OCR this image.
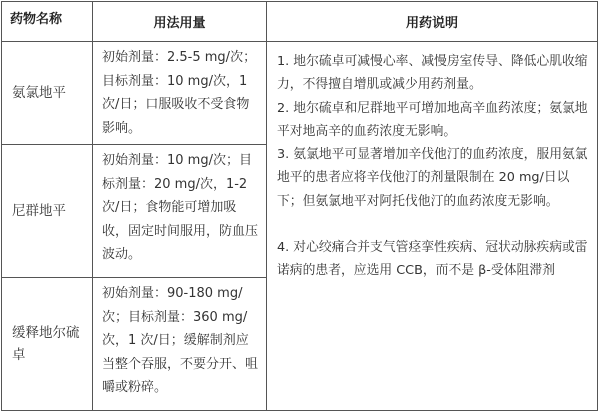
药物名称	用法用量	用药说明
氨氯地平	初始剂量：2.5-5 mg/次；目标剂量：10 mg/次，1 次/日；口服吸收不受食物影响。	1. 地尔硫卓可减慢心率、减慢房室传导、降低心肌收缩力，不得擅自增肌或减少用药剂量。

2. 地尔硫卓和尼群地平可增加地高辛血药浓度；氨氯地平对地高辛的血药浓度无影响。

3. 氨氯地平可显著增加辛伐他汀的血药浓度，服用氨氯地平的患者应将辛伐他汀的剂量限制在 20 mg/日以下；但氨氯地平对阿托伐他汀的血药浓度无影响。

4. 对心绞痛合并支气管痉挛性疾病、冠状动脉疾病或雷诺病的患者，应选用 CCB，而不是 β-受体阻滞剂

尼群地平	初始剂量：10 mg/次；目标剂量：20 mg/次，1-2 次/日；食物能可增加吸收，固定时间服用，防血压波动。	
缓释地尔硫卓	初始剂量：90-180 mg/次；目标剂量：360 mg/次，1 次/日；缓解制剂应当整个吞服，不要分开、咀嚼或粉碎。	
